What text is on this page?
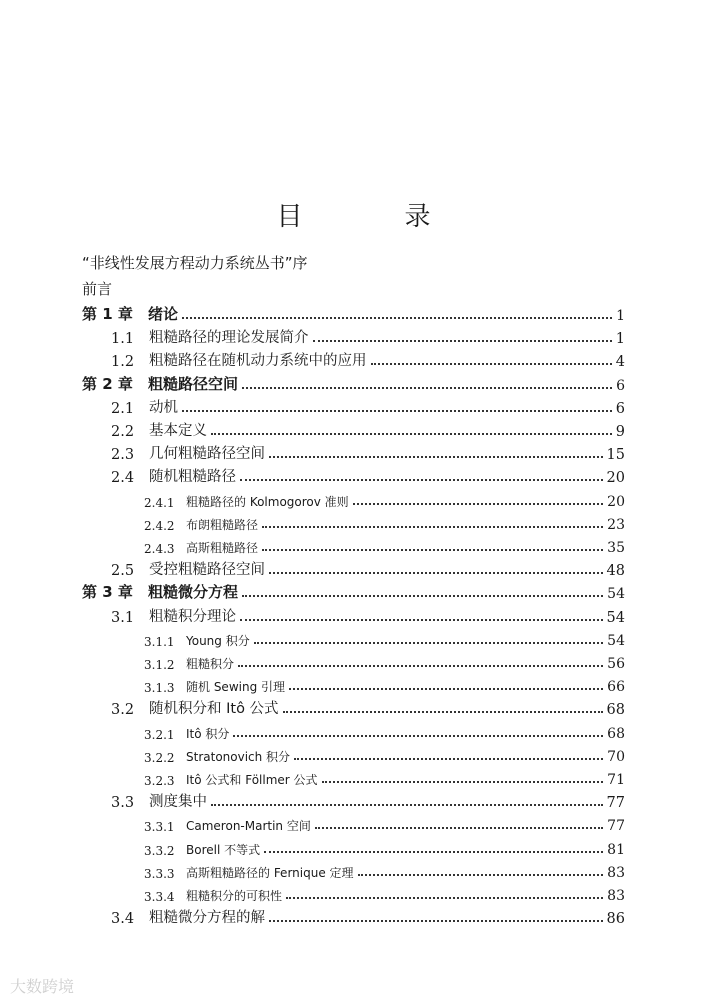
目　录
“非线性发展方程动力系统丛书”序
前言
第 1 章	绪论	1
1.1	粗糙路径的理论发展简介	1
1.2	粗糙路径在随机动力系统中的应用	4
第 2 章	粗糙路径空间	6
2.1	动机	6
2.2	基本定义	9
2.3	几何粗糙路径空间	15
2.4	随机粗糙路径	20
2.4.1 粗糙路径的 Kolmogorov 准则	20
2.4.2 布朗粗糙路径	23
2.4.3 高斯粗糙路径	35
2.5	受控粗糙路径空间	48
第 3 章	粗糙微分方程	54
3.1	粗糙积分理论	54
3.1.1 Young 积分	54
3.1.2 粗糙积分	56
3.1.3 随机 Sewing 引理	66
3.2	随机积分和 Itô 公式	68
3.2.1 Itô 积分	68
3.2.2 Stratonovich 积分	70
3.2.3 Itô 公式和 Föllmer 公式	71
3.3	测度集中	77
3.3.1 Cameron-Martin 空间	77
3.3.2 Borell 不等式	81
3.3.3 高斯粗糙路径的 Fernique 定理	83
3.3.4 粗糙积分的可积性	83
3.4	粗糙微分方程的解	86
大数跨境
